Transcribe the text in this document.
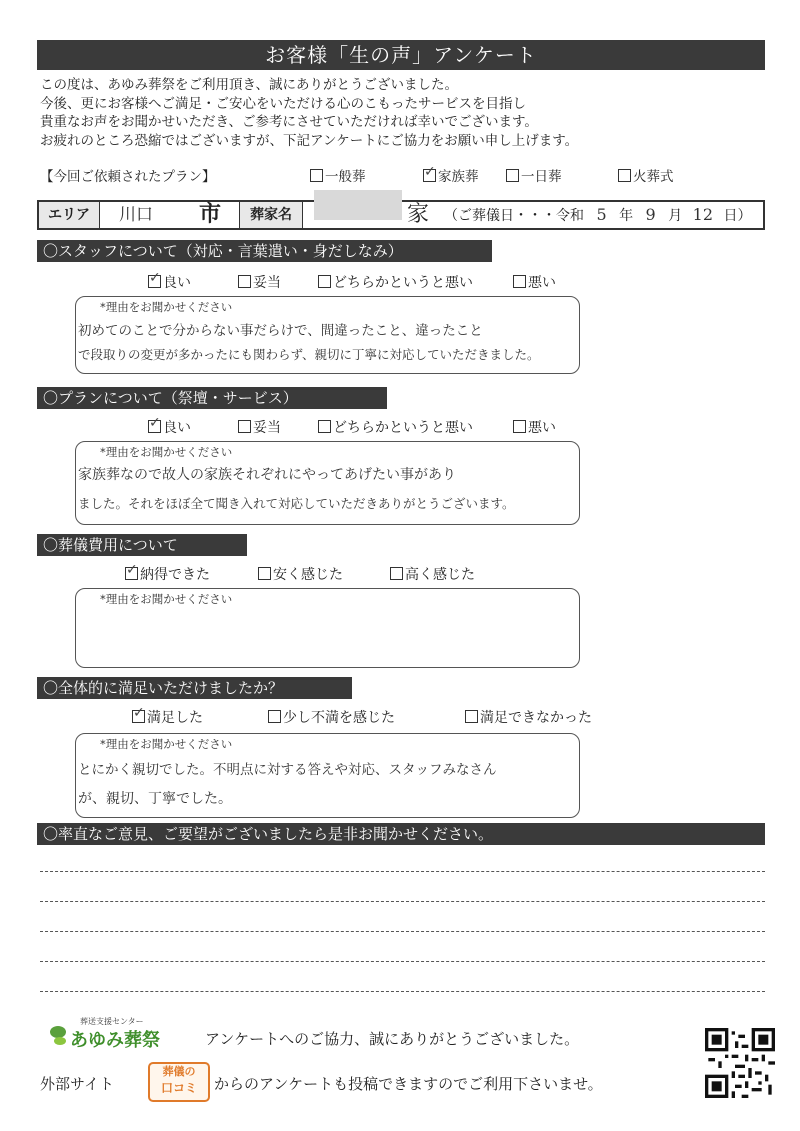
お客様「生の声」アンケート
この度は、あゆみ葬祭をご利用頂き、誠にありがとうございました。
今後、更にお客様へご満足・ご安心をいただける心のこもったサービスを目指し
貴重なお声をお聞かせいただき、ご参考にさせていただければ幸いでございます。
お疲れのところ恐縮ではございますが、下記アンケートにご協力をお願い申し上げます。
【今回ご依頼されたプラン】	一般葬
✓	家族葬	一日葬	火葬式
エリア	川口	市	葬家名	家	（ご葬儀日・・・令和 5 年 9 月 12 日）
〇スタッフについて（対応・言葉遣い・身だしなみ）
✓良い	妥当	どちらかというと悪い	悪い
*理由をお聞かせください
初めてのことで分からない事だらけで、間違ったこと、違ったこと
で段取りの変更が多かったにも関わらず、親切に丁寧に対応していただきました。
〇プランについて（祭壇・サービス）
✓良い	妥当	どちらかというと悪い	悪い
*理由をお聞かせください
家族葬なので故人の家族それぞれにやってあげたい事があり
ました。それをほぼ全て聞き入れて対応していただきありがとうございます。
〇葬儀費用について
✓納得できた	安く感じた	高く感じた
*理由をお聞かせください
〇全体的に満足いただけましたか？
✓満足した	少し不満を感じた	満足できなかった
*理由をお聞かせください
とにかく親切でした。不明点に対する答えや対応、スタッフみなさん
が、親切、丁寧でした。
〇率直なご意見、ご要望がございましたら是非お聞かせください。
葬送支援センター
あゆみ葬祭	アンケートへのご協力、誠にありがとうございました。
外部サイト
葬儀の
口コミ	からのアンケートも投稿できますのでご利用下さいませ。
